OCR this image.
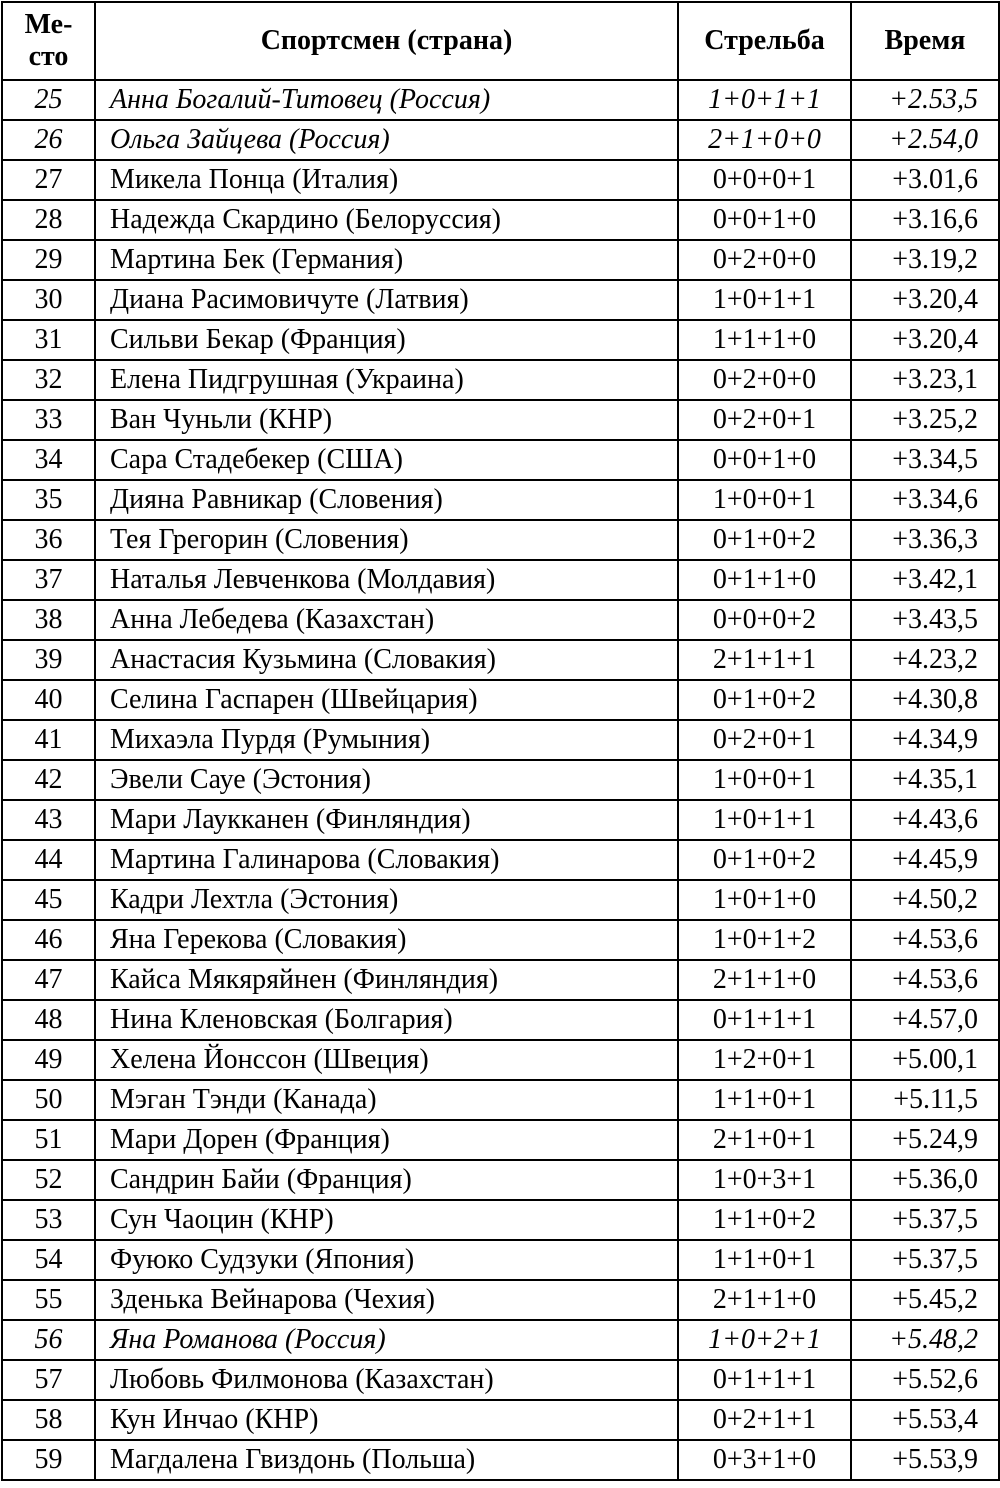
Ме-
сто	Спортсмен (страна)	Стрельба	Время
25	Анна Богалий-Титовец (Россия)	1+0+1+1	+2.53,5
26	Ольга Зайцева (Россия)	2+1+0+0	+2.54,0
27	Микела Понца (Италия)	0+0+0+1	+3.01,6
28	Надежда Скардино (Белоруссия)	0+0+1+0	+3.16,6
29	Мартина Бек (Германия)	0+2+0+0	+3.19,2
30	Диана Расимовичуте (Латвия)	1+0+1+1	+3.20,4
31	Сильви Бекар (Франция)	1+1+1+0	+3.20,4
32	Елена Пидгрушная (Украина)	0+2+0+0	+3.23,1
33	Ван Чуньли (КНР)	0+2+0+1	+3.25,2
34	Сара Стадебекер (США)	0+0+1+0	+3.34,5
35	Дияна Равникар (Словения)	1+0+0+1	+3.34,6
36	Тея Грегорин (Словения)	0+1+0+2	+3.36,3
37	Наталья Левченкова (Молдавия)	0+1+1+0	+3.42,1
38	Анна Лебедева (Казахстан)	0+0+0+2	+3.43,5
39	Анастасия Кузьмина (Словакия)	2+1+1+1	+4.23,2
40	Селина Гаспарен (Швейцария)	0+1+0+2	+4.30,8
41	Михаэла Пурдя (Румыния)	0+2+0+1	+4.34,9
42	Эвели Сауе (Эстония)	1+0+0+1	+4.35,1
43	Мари Лаукканен (Финляндия)	1+0+1+1	+4.43,6
44	Мартина Галинарова (Словакия)	0+1+0+2	+4.45,9
45	Кадри Лехтла (Эстония)	1+0+1+0	+4.50,2
46	Яна Герекова (Словакия)	1+0+1+2	+4.53,6
47	Кайса Мякяряйнен (Финляндия)	2+1+1+0	+4.53,6
48	Нина Кленовская (Болгария)	0+1+1+1	+4.57,0
49	Хелена Йонссон (Швеция)	1+2+0+1	+5.00,1
50	Мэган Тэнди (Канада)	1+1+0+1	+5.11,5
51	Мари Дорен (Франция)	2+1+0+1	+5.24,9
52	Сандрин Байи (Франция)	1+0+3+1	+5.36,0
53	Сун Чаоцин (КНР)	1+1+0+2	+5.37,5
54	Фуюко Судзуки (Япония)	1+1+0+1	+5.37,5
55	Зденька Вейнарова (Чехия)	2+1+1+0	+5.45,2
56	Яна Романова (Россия)	1+0+2+1	+5.48,2
57	Любовь Филмонова (Казахстан)	0+1+1+1	+5.52,6
58	Кун Инчао (КНР)	0+2+1+1	+5.53,4
59	Магдалена Гвиздонь (Польша)	0+3+1+0	+5.53,9
